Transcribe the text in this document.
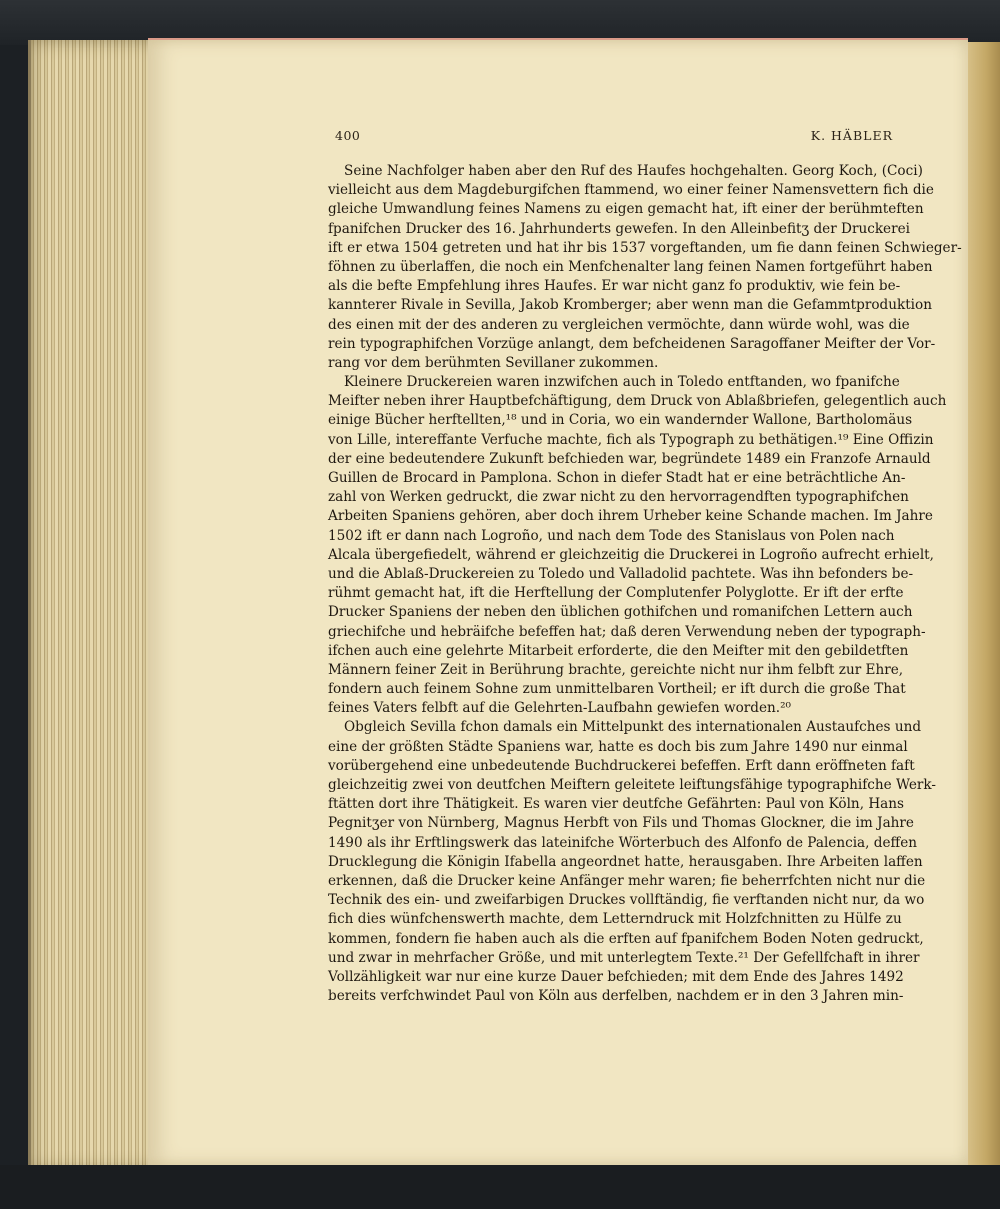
400	K. HÄBLER
Seine Nachfolger haben aber den Ruf des Haufes hochgehalten. Georg Koch, (Coci)
vielleicht aus dem Magdeburgifchen ftammend, wo einer feiner Namensvettern fich die
gleiche Umwandlung feines Namens zu eigen gemacht hat, ift einer der berühmteften
fpanifchen Drucker des 16. Jahrhunderts gewefen. In den Alleinbefitʒ der Druckerei
ift er etwa 1504 getreten und hat ihr bis 1537 vorgeftanden, um fie dann feinen Schwieger-
föhnen zu überlaffen, die noch ein Menfchenalter lang feinen Namen fortgeführt haben
als die befte Empfehlung ihres Haufes. Er war nicht ganz fo produktiv, wie fein be-
kannterer Rivale in Sevilla, Jakob Kromberger; aber wenn man die Gefammtproduktion
des einen mit der des anderen zu vergleichen vermöchte, dann würde wohl, was die
rein typographifchen Vorzüge anlangt, dem befcheidenen Saragoffaner Meifter der Vor-
rang vor dem berühmten Sevillaner zukommen.
Kleinere Druckereien waren inzwifchen auch in Toledo entftanden, wo fpanifche
Meifter neben ihrer Hauptbefchäftigung, dem Druck von Ablaßbriefen, gelegentlich auch
einige Bücher herftellten,¹⁸ und in Coria, wo ein wandernder Wallone, Bartholomäus
von Lille, intereffante Verfuche machte, fich als Typograph zu bethätigen.¹⁹ Eine Offizin
der eine bedeutendere Zukunft befchieden war, begründete 1489 ein Franzofe Arnauld
Guillen de Brocard in Pamplona. Schon in diefer Stadt hat er eine beträchtliche An-
zahl von Werken gedruckt, die zwar nicht zu den hervorragendften typographifchen
Arbeiten Spaniens gehören, aber doch ihrem Urheber keine Schande machen. Im Jahre
1502 ift er dann nach Logroño, und nach dem Tode des Stanislaus von Polen nach
Alcala übergefiedelt, während er gleichzeitig die Druckerei in Logroño aufrecht erhielt,
und die Ablaß-Druckereien zu Toledo und Valladolid pachtete. Was ihn befonders be-
rühmt gemacht hat, ift die Herftellung der Complutenfer Polyglotte. Er ift der erfte
Drucker Spaniens der neben den üblichen gothifchen und romanifchen Lettern auch
griechifche und hebräifche befeffen hat; daß deren Verwendung neben der typograph-
ifchen auch eine gelehrte Mitarbeit erforderte, die den Meifter mit den gebildetften
Männern feiner Zeit in Berührung brachte, gereichte nicht nur ihm felbft zur Ehre,
fondern auch feinem Sohne zum unmittelbaren Vortheil; er ift durch die große That
feines Vaters felbft auf die Gelehrten-Laufbahn gewiefen worden.²⁰
Obgleich Sevilla fchon damals ein Mittelpunkt des internationalen Austaufches und
eine der größten Städte Spaniens war, hatte es doch bis zum Jahre 1490 nur einmal
vorübergehend eine unbedeutende Buchdruckerei befeffen. Erft dann eröffneten faft
gleichzeitig zwei von deutfchen Meiftern geleitete leiftungsfähige typographifche Werk-
ftätten dort ihre Thätigkeit. Es waren vier deutfche Gefährten: Paul von Köln, Hans
Pegnitʒer von Nürnberg, Magnus Herbft von Fils und Thomas Glockner, die im Jahre
1490 als ihr Erftlingswerk das lateinifche Wörterbuch des Alfonfo de Palencia, deffen
Drucklegung die Königin Ifabella angeordnet hatte, herausgaben. Ihre Arbeiten laffen
erkennen, daß die Drucker keine Anfänger mehr waren; fie beherrfchten nicht nur die
Technik des ein- und zweifarbigen Druckes vollftändig, fie verftanden nicht nur, da wo
fich dies wünfchenswerth machte, dem Letterndruck mit Holzfchnitten zu Hülfe zu
kommen, fondern fie haben auch als die erften auf fpanifchem Boden Noten gedruckt,
und zwar in mehrfacher Größe, und mit unterlegtem Texte.²¹ Der Gefellfchaft in ihrer
Vollzähligkeit war nur eine kurze Dauer befchieden; mit dem Ende des Jahres 1492
bereits verfchwindet Paul von Köln aus derfelben, nachdem er in den 3 Jahren min-
